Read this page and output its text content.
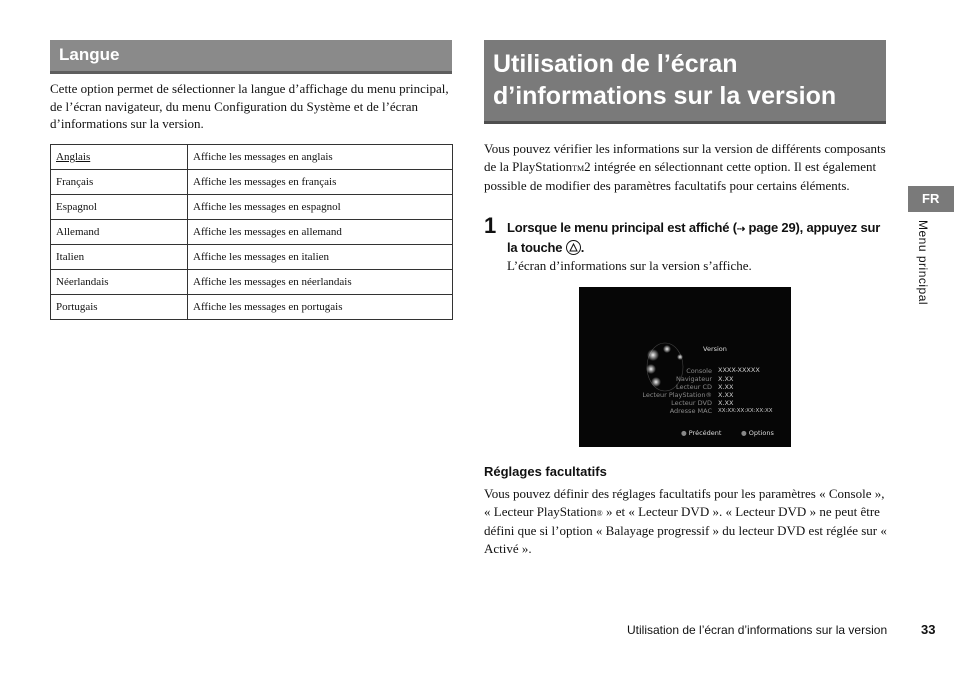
Langue

Cette option permet de sélectionner la langue d’affichage du menu principal, de l’écran navigateur, du menu Configuration du Système et de l’écran d’informations sur la version.

Anglais	Affiche les messages en anglais
Français	Affiche les messages en français
Espagnol	Affiche les messages en espagnol
Allemand	Affiche les messages en allemand
Italien	Affiche les messages en italien
Néerlandais	Affiche les messages en néerlandais
Portugais	Affiche les messages en portugais
Utilisation de l’écran d’informations sur la version

Vous pouvez vérifier les informations sur la version de différents composants de la PlayStationTM2 intégrée en sélectionnant cette option. Il est également possible de modifier des paramètres facultatifs pour certains éléments.

1 Lorsque le menu principal est affiché (⇢ page 29), appuyez sur la touche
.

L’écran d’informations sur la version s’affiche.

Version
Console XXXX-XXXXX
Navigateur X.XX
Lecteur CD X.XX
Lecteur PlayStation® X.XX
Lecteur DVD X.XX
Adresse MAC XX:XX:XX:XX:XX:XX
● Précédent	● Options
Réglages facultatifs

Vous pouvez définir des réglages facultatifs pour les paramètres « Console », « Lecteur PlayStation® » et « Lecteur DVD ». « Lecteur DVD » ne peut être défini que si l’option « Balayage progressif » du lecteur DVD est réglée sur « Activé ».

FR
Menu principal
Utilisation de l’écran d’informations sur la version	33
